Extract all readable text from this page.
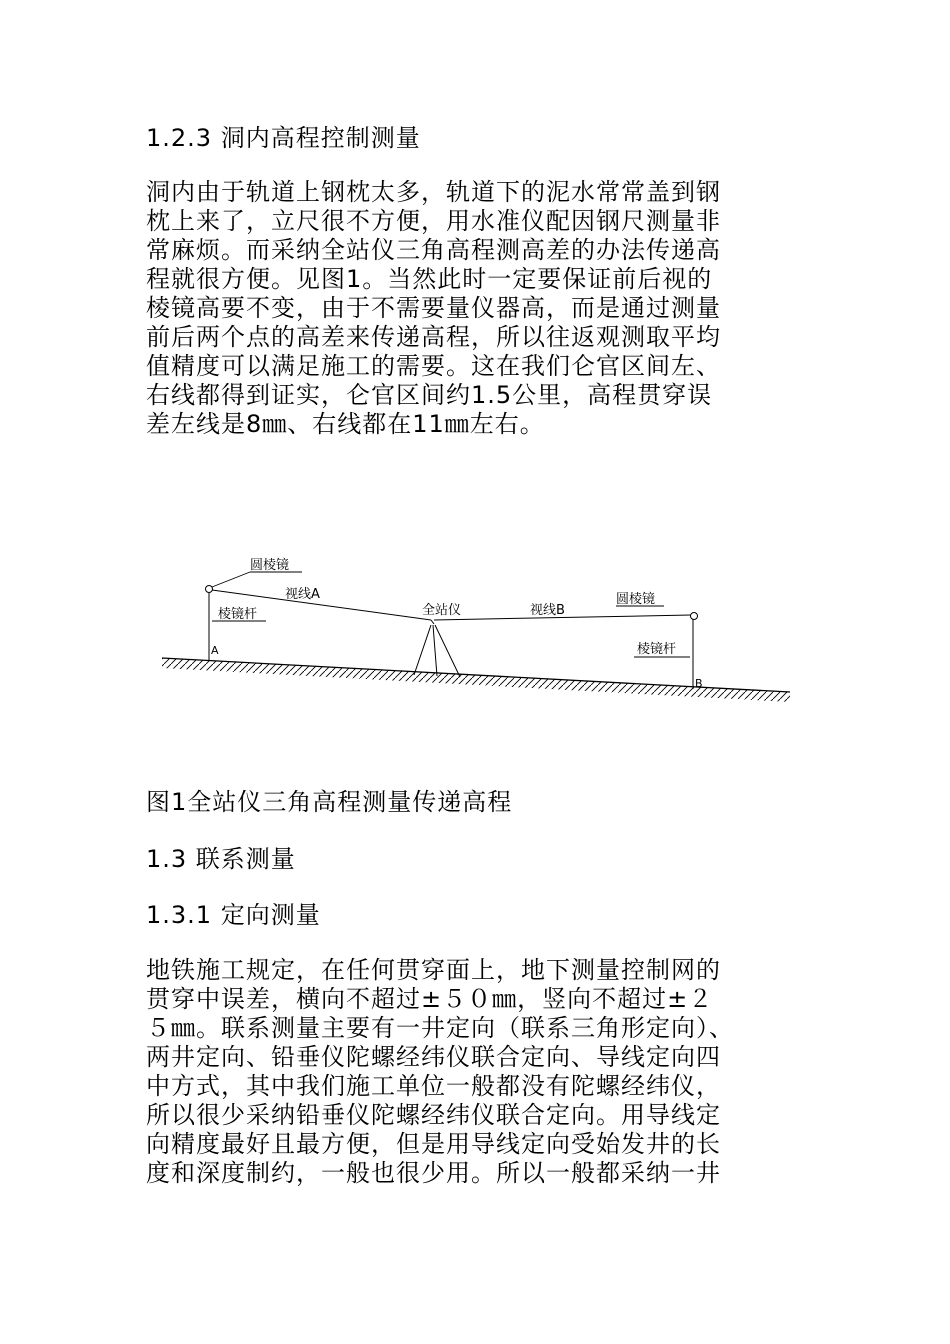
1.2.3 洞内高程控制测量
洞内由于轨道上钢枕太多，轨道下的泥水常常盖到钢
枕上来了，立尺很不方便，用水准仪配因钢尺测量非
常麻烦。而采纳全站仪三角高程测高差的办法传递高
程就很方便。见图1。当然此时一定要保证前后视的
棱镜高要不变，由于不需要量仪器高，而是通过测量
前后两个点的高差来传递高程，所以往返观测取平均
值精度可以满足施工的需要。这在我们仑官区间左、
右线都得到证实，仑官区间约1.5公里，高程贯穿误
差左线是8㎜、右线都在11㎜左右。
圆棱镜
视线A
棱镜杆
A
全站仪	视线B
圆棱镜
棱镜杆
B
图1全站仪三角高程测量传递高程
1.3 联系测量
1.3.1 定向测量
地铁施工规定，在任何贯穿面上，地下测量控制网的
贯穿中误差，横向不超过±５０㎜，竖向不超过±２
５㎜。联系测量主要有一井定向（联系三角形定向）、
两井定向、铅垂仪陀螺经纬仪联合定向、导线定向四
中方式，其中我们施工单位一般都没有陀螺经纬仪，
所以很少采纳铅垂仪陀螺经纬仪联合定向。用导线定
向精度最好且最方便，但是用导线定向受始发井的长
度和深度制约，一般也很少用。所以一般都采纳一井
